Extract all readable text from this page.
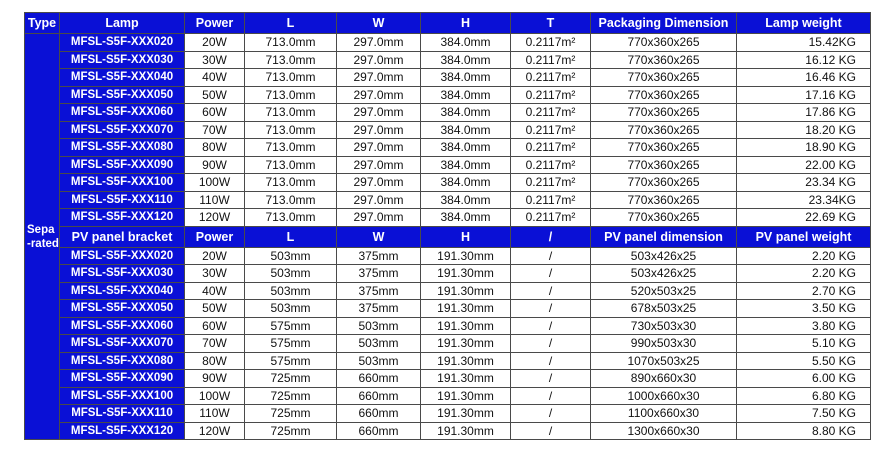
Type	Lamp	Power	L	W	H	T	Packaging Dimension	Lamp weight
Sepa
-rated	MFSL-S5F-XXX020	20W	713.0mm	297.0mm	384.0mm	0.2117m²	770x360x265	15.42KG
	MFSL-S5F-XXX030	30W	713.0mm	297.0mm	384.0mm	0.2117m²	770x360x265	16.12 KG
	MFSL-S5F-XXX040	40W	713.0mm	297.0mm	384.0mm	0.2117m²	770x360x265	16.46 KG
	MFSL-S5F-XXX050	50W	713.0mm	297.0mm	384.0mm	0.2117m²	770x360x265	17.16 KG
	MFSL-S5F-XXX060	60W	713.0mm	297.0mm	384.0mm	0.2117m²	770x360x265	17.86 KG
	MFSL-S5F-XXX070	70W	713.0mm	297.0mm	384.0mm	0.2117m²	770x360x265	18.20 KG
	MFSL-S5F-XXX080	80W	713.0mm	297.0mm	384.0mm	0.2117m²	770x360x265	18.90 KG
	MFSL-S5F-XXX090	90W	713.0mm	297.0mm	384.0mm	0.2117m²	770x360x265	22.00 KG
	MFSL-S5F-XXX100	100W	713.0mm	297.0mm	384.0mm	0.2117m²	770x360x265	23.34 KG
	MFSL-S5F-XXX110	110W	713.0mm	297.0mm	384.0mm	0.2117m²	770x360x265	23.34KG
	MFSL-S5F-XXX120	120W	713.0mm	297.0mm	384.0mm	0.2117m²	770x360x265	22.69 KG
	PV panel bracket	Power	L	W	H	/	PV panel dimension	PV panel weight
	MFSL-S5F-XXX020	20W	503mm	375mm	191.30mm	/	503x426x25	2.20 KG
	MFSL-S5F-XXX030	30W	503mm	375mm	191.30mm	/	503x426x25	2.20 KG
	MFSL-S5F-XXX040	40W	503mm	375mm	191.30mm	/	520x503x25	2.70 KG
	MFSL-S5F-XXX050	50W	503mm	375mm	191.30mm	/	678x503x25	3.50 KG
	MFSL-S5F-XXX060	60W	575mm	503mm	191.30mm	/	730x503x30	3.80 KG
	MFSL-S5F-XXX070	70W	575mm	503mm	191.30mm	/	990x503x30	5.10 KG
	MFSL-S5F-XXX080	80W	575mm	503mm	191.30mm	/	1070x503x25	5.50 KG
	MFSL-S5F-XXX090	90W	725mm	660mm	191.30mm	/	890x660x30	6.00 KG
	MFSL-S5F-XXX100	100W	725mm	660mm	191.30mm	/	1000x660x30	6.80 KG
	MFSL-S5F-XXX110	110W	725mm	660mm	191.30mm	/	1100x660x30	7.50 KG
	MFSL-S5F-XXX120	120W	725mm	660mm	191.30mm	/	1300x660x30	8.80 KG
